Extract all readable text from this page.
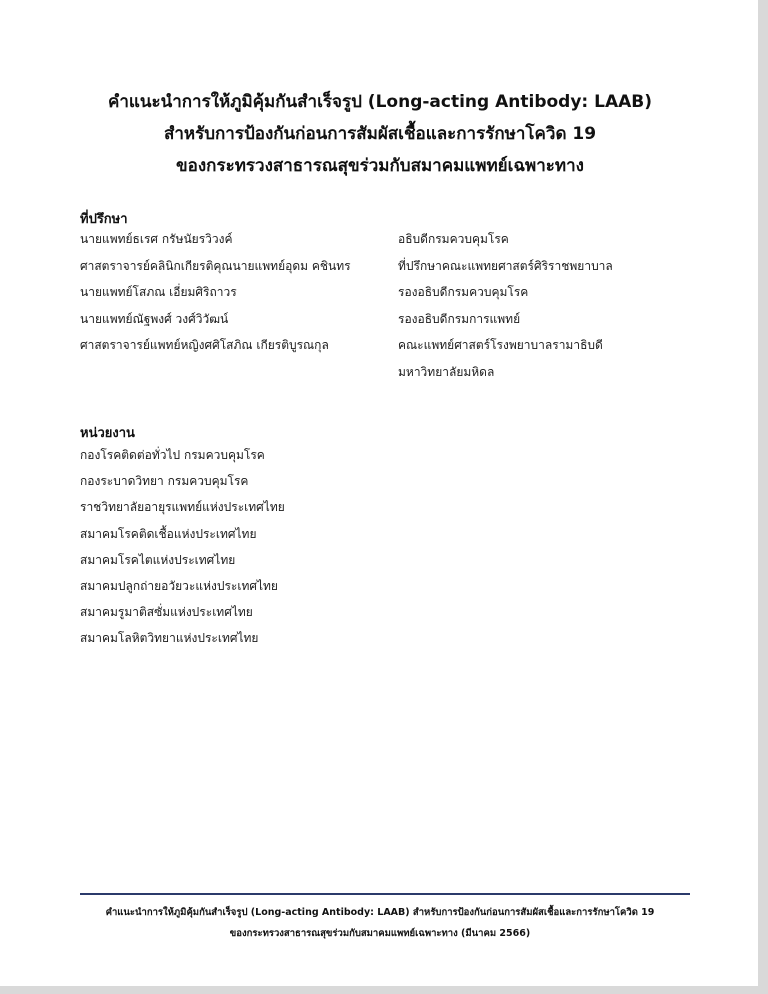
คำแนะนำการให้ภูมิคุ้มกันสำเร็จรูป (Long-acting Antibody: LAAB)
สำหรับการป้องกันก่อนการสัมผัสเชื้อและการรักษาโควิด 19
ของกระทรวงสาธารณสุขร่วมกับสมาคมแพทย์เฉพาะทาง
ที่ปรึกษา
นายแพทย์ธเรศ กรัษนัยรวิวงค์	อธิบดีกรมควบคุมโรค
ศาสตราจารย์คลินิกเกียรติคุณนายแพทย์อุดม คชินทร	ที่ปรึกษาคณะแพทยศาสตร์ศิริราชพยาบาล
นายแพทย์โสภณ เอี่ยมศิริถาวร	รองอธิบดีกรมควบคุมโรค
นายแพทย์ณัฐพงศ์ วงศ์วิวัฒน์	รองอธิบดีกรมการแพทย์
ศาสตราจารย์แพทย์หญิงศศิโสภิณ เกียรติบูรณกุล	คณะแพทย์ศาสตร์โรงพยาบาลรามาธิบดี
มหาวิทยาลัยมหิดล
หน่วยงาน
กองโรคติดต่อทั่วไป กรมควบคุมโรค
กองระบาดวิทยา กรมควบคุมโรค
ราชวิทยาลัยอายุรแพทย์แห่งประเทศไทย
สมาคมโรคติดเชื้อแห่งประเทศไทย
สมาคมโรคไตแห่งประเทศไทย
สมาคมปลูกถ่ายอวัยวะแห่งประเทศไทย
สมาคมรูมาติสซั่มแห่งประเทศไทย
สมาคมโลหิตวิทยาแห่งประเทศไทย
คำแนะนำการให้ภูมิคุ้มกันสำเร็จรูป (Long-acting Antibody: LAAB) สำหรับการป้องกันก่อนการสัมผัสเชื้อและการรักษาโควิด 19
ของกระทรวงสาธารณสุขร่วมกับสมาคมแพทย์เฉพาะทาง (มีนาคม 2566)
